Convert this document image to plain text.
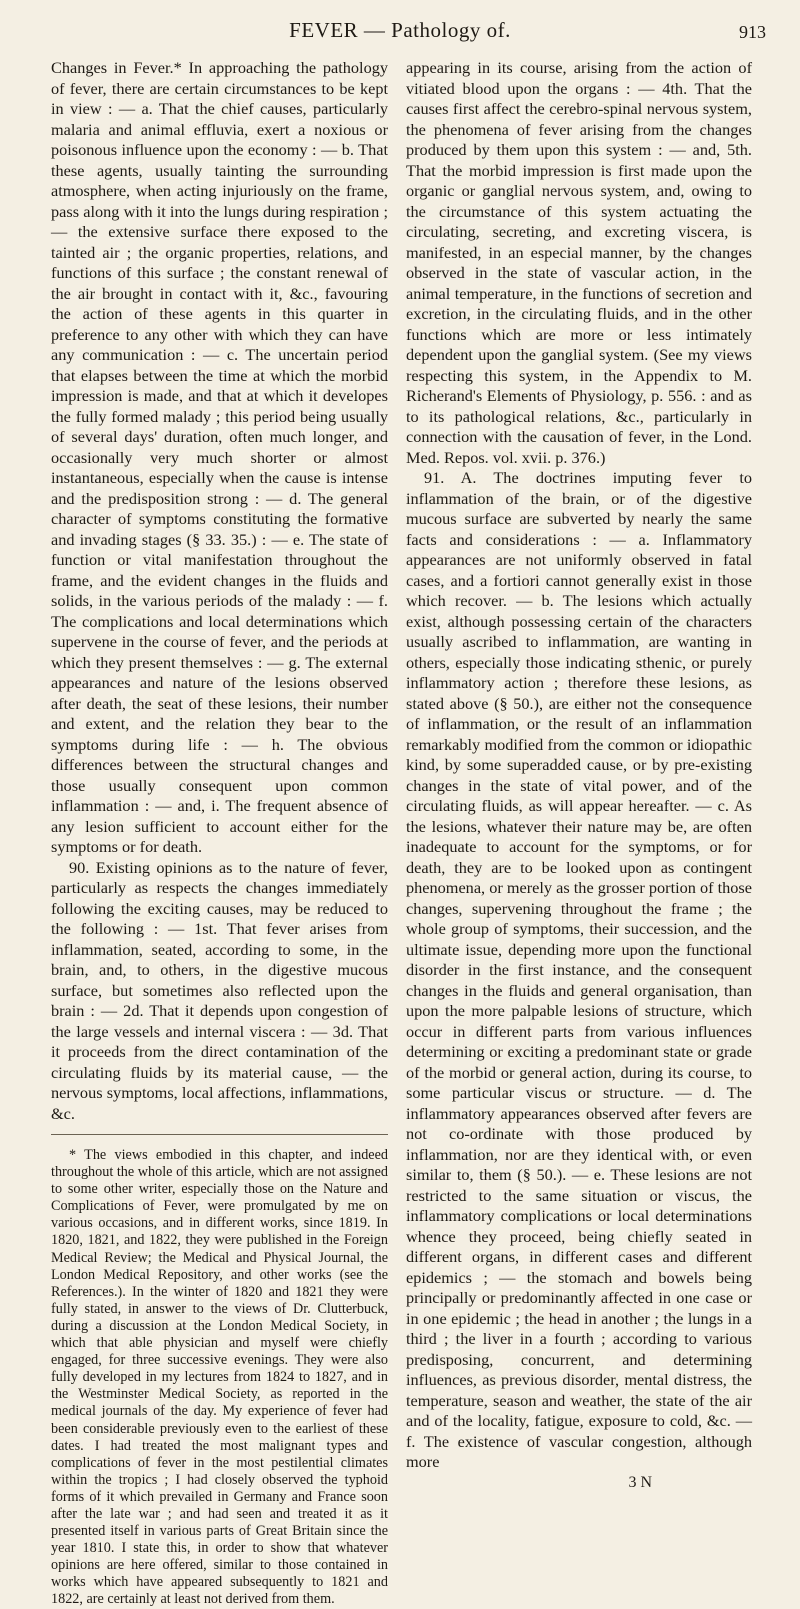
FEVER — Pathology of.	913

Changes in Fever.* In approaching the pathology of fever, there are certain circumstances to be kept in view : — a. That the chief causes, particularly malaria and animal effluvia, exert a noxious or poisonous influence upon the economy : — b. That these agents, usually tainting the surrounding atmosphere, when acting injuriously on the frame, pass along with it into the lungs during respiration ; — the extensive surface there exposed to the tainted air ; the organic properties, relations, and functions of this surface ; the constant renewal of the air brought in contact with it, &c., favouring the action of these agents in this quarter in preference to any other with which they can have any communication : — c. The uncertain period that elapses between the time at which the morbid impression is made, and that at which it developes the fully formed malady ; this period being usually of several days' duration, often much longer, and occasionally very much shorter or almost instantaneous, especially when the cause is intense and the predisposition strong : — d. The general character of symptoms constituting the formative and invading stages (§ 33. 35.) : — e. The state of function or vital manifestation throughout the frame, and the evident changes in the fluids and solids, in the various periods of the malady : — f. The complications and local determinations which supervene in the course of fever, and the periods at which they present themselves : — g. The external appearances and nature of the lesions observed after death, the seat of these lesions, their number and extent, and the relation they bear to the symptoms during life : — h. The obvious differences between the structural changes and those usually consequent upon common inflammation : — and, i. The frequent absence of any lesion sufficient to account either for the symptoms or for death.

90. Existing opinions as to the nature of fever, particularly as respects the changes immediately following the exciting causes, may be reduced to the following : — 1st. That fever arises from inflammation, seated, according to some, in the brain, and, to others, in the digestive mucous surface, but sometimes also reflected upon the brain : — 2d. That it depends upon congestion of the large vessels and internal viscera : — 3d. That it proceeds from the direct contamination of the circulating fluids by its material cause, — the nervous symptoms, local affections, inflammations, &c.

* The views embodied in this chapter, and indeed throughout the whole of this article, which are not assigned to some other writer, especially those on the Nature and Complications of Fever, were promulgated by me on various occasions, and in different works, since 1819. In 1820, 1821, and 1822, they were published in the Foreign Medical Review; the Medical and Physical Journal, the London Medical Repository, and other works (see the References.). In the winter of 1820 and 1821 they were fully stated, in answer to the views of Dr. Clutterbuck, during a discussion at the London Medical Society, in which that able physician and myself were chiefly engaged, for three successive evenings. They were also fully developed in my lectures from 1824 to 1827, and in the Westminster Medical Society, as reported in the medical journals of the day. My experience of fever had been considerable previously even to the earliest of these dates. I had treated the most malignant types and complications of fever in the most pestilential climates within the tropics ; I had closely observed the typhoid forms of it which prevailed in Germany and France soon after the late war ; and had seen and treated it as it presented itself in various parts of Great Britain since the year 1810. I state this, in order to show that whatever opinions are here offered, similar to those contained in works which have appeared subsequently to 1821 and 1822, are certainly at least not derived from them.

appearing in its course, arising from the action of vitiated blood upon the organs : — 4th. That the causes first affect the cerebro-spinal nervous system, the phenomena of fever arising from the changes produced by them upon this system : — and, 5th. That the morbid impression is first made upon the organic or ganglial nervous system, and, owing to the circumstance of this system actuating the circulating, secreting, and excreting viscera, is manifested, in an especial manner, by the changes observed in the state of vascular action, in the animal temperature, in the functions of secretion and excretion, in the circulating fluids, and in the other functions which are more or less intimately dependent upon the ganglial system. (See my views respecting this system, in the Appendix to M. Richerand's Elements of Physiology, p. 556. : and as to its pathological relations, &c., particularly in connection with the causation of fever, in the Lond. Med. Repos. vol. xvii. p. 376.)

91. A. The doctrines imputing fever to inflammation of the brain, or of the digestive mucous surface are subverted by nearly the same facts and considerations : — a. Inflammatory appearances are not uniformly observed in fatal cases, and a fortiori cannot generally exist in those which recover. — b. The lesions which actually exist, although possessing certain of the characters usually ascribed to inflammation, are wanting in others, especially those indicating sthenic, or purely inflammatory action ; therefore these lesions, as stated above (§ 50.), are either not the consequence of inflammation, or the result of an inflammation remarkably modified from the common or idiopathic kind, by some superadded cause, or by pre-existing changes in the state of vital power, and of the circulating fluids, as will appear hereafter. — c. As the lesions, whatever their nature may be, are often inadequate to account for the symptoms, or for death, they are to be looked upon as contingent phenomena, or merely as the grosser portion of those changes, supervening throughout the frame ; the whole group of symptoms, their succession, and the ultimate issue, depending more upon the functional disorder in the first instance, and the consequent changes in the fluids and general organisation, than upon the more palpable lesions of structure, which occur in different parts from various influences determining or exciting a predominant state or grade of the morbid or general action, during its course, to some particular viscus or structure. — d. The inflammatory appearances observed after fevers are not co-ordinate with those produced by inflammation, nor are they identical with, or even similar to, them (§ 50.). — e. These lesions are not restricted to the same situation or viscus, the inflammatory complications or local determinations whence they proceed, being chiefly seated in different organs, in different cases and different epidemics ; — the stomach and bowels being principally or predominantly affected in one case or in one epidemic ; the head in another ; the lungs in a third ; the liver in a fourth ; according to various predisposing, concurrent, and determining influences, as previous disorder, mental distress, the temperature, season and weather, the state of the air and of the locality, fatigue, exposure to cold, &c. — f. The existence of vascular congestion, although more

3 N
